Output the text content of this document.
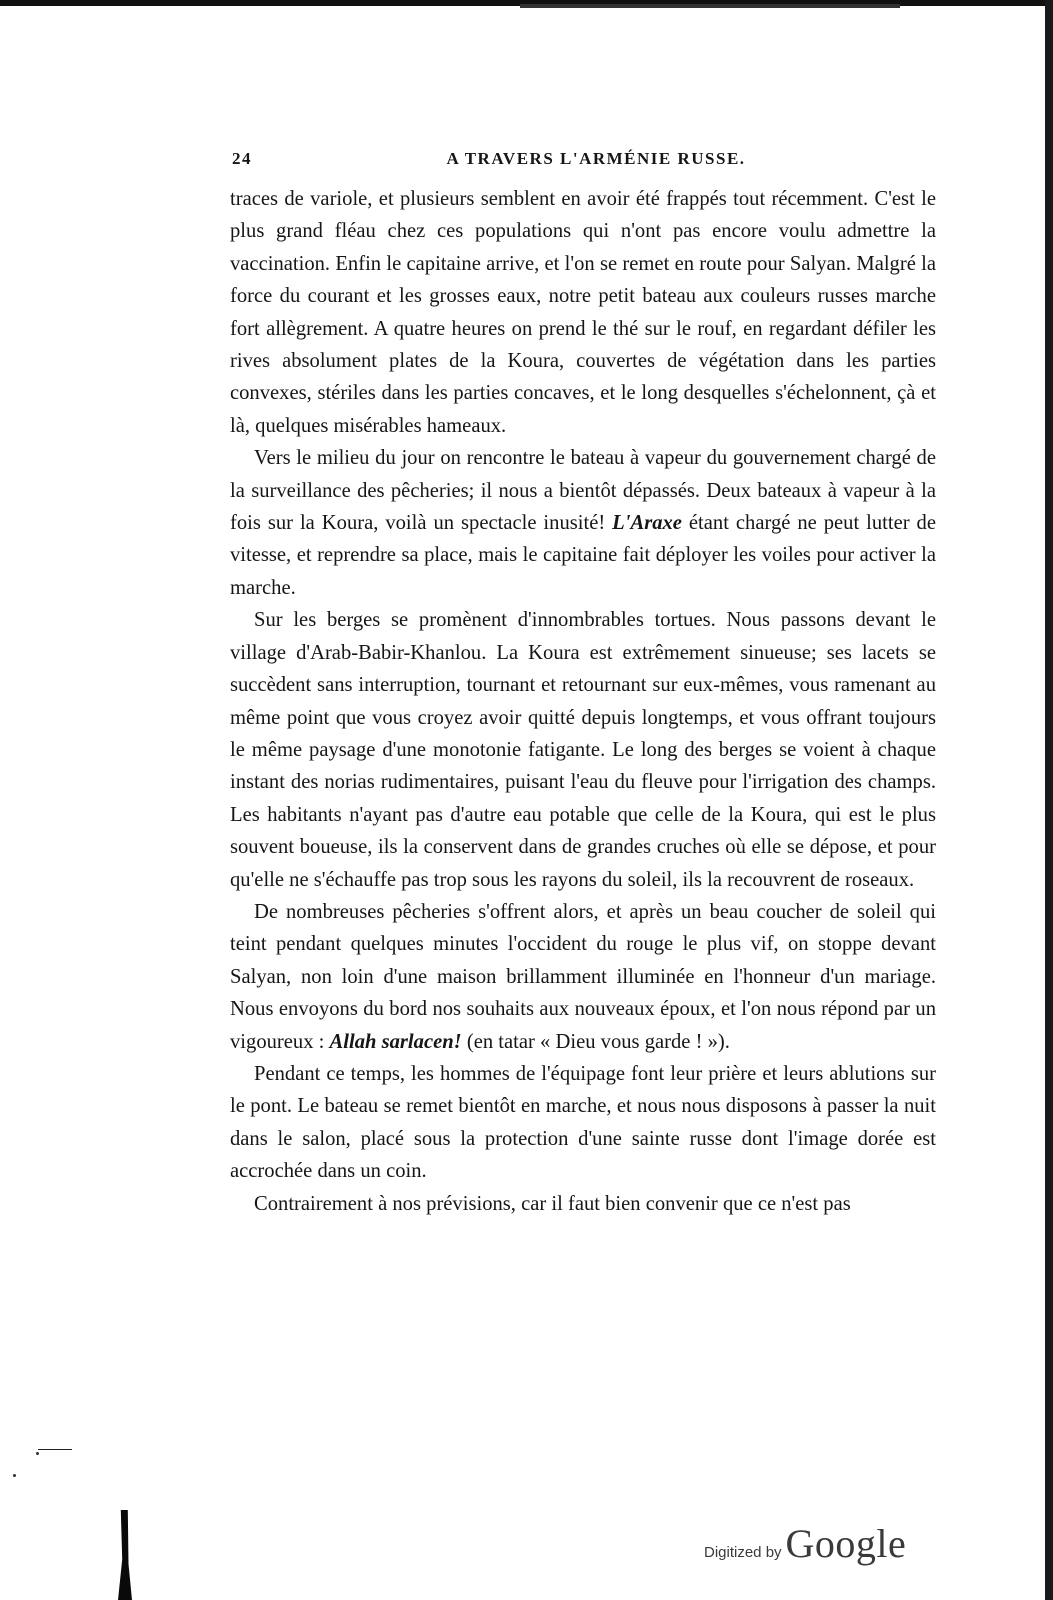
24	A TRAVERS L'ARMÉNIE RUSSE.

traces de variole, et plusieurs semblent en avoir été frappés tout récemment. C'est le plus grand fléau chez ces populations qui n'ont pas encore voulu admettre la vaccination. Enfin le capitaine arrive, et l'on se remet en route pour Salyan. Malgré la force du courant et les grosses eaux, notre petit bateau aux couleurs russes marche fort allègrement. A quatre heures on prend le thé sur le rouf, en regardant défiler les rives absolument plates de la Koura, couvertes de végétation dans les parties convexes, stériles dans les parties concaves, et le long desquelles s'échelonnent, çà et là, quelques misérables hameaux.

Vers le milieu du jour on rencontre le bateau à vapeur du gouvernement chargé de la surveillance des pêcheries; il nous a bientôt dépassés. Deux bateaux à vapeur à la fois sur la Koura, voilà un spectacle inusité! L'Araxe étant chargé ne peut lutter de vitesse, et reprendre sa place, mais le capitaine fait déployer les voiles pour activer la marche.

Sur les berges se promènent d'innombrables tortues. Nous passons devant le village d'Arab-Babir-Khanlou. La Koura est extrêmement sinueuse; ses lacets se succèdent sans interruption, tournant et retournant sur eux-mêmes, vous ramenant au même point que vous croyez avoir quitté depuis longtemps, et vous offrant toujours le même paysage d'une monotonie fatigante. Le long des berges se voient à chaque instant des norias rudimentaires, puisant l'eau du fleuve pour l'irrigation des champs. Les habitants n'ayant pas d'autre eau potable que celle de la Koura, qui est le plus souvent boueuse, ils la conservent dans de grandes cruches où elle se dépose, et pour qu'elle ne s'échauffe pas trop sous les rayons du soleil, ils la recouvrent de roseaux.

De nombreuses pêcheries s'offrent alors, et après un beau coucher de soleil qui teint pendant quelques minutes l'occident du rouge le plus vif, on stoppe devant Salyan, non loin d'une maison brillamment illuminée en l'honneur d'un mariage. Nous envoyons du bord nos souhaits aux nouveaux époux, et l'on nous répond par un vigoureux : Allah sarlacen! (en tatar « Dieu vous garde ! »).

Pendant ce temps, les hommes de l'équipage font leur prière et leurs ablutions sur le pont. Le bateau se remet bientôt en marche, et nous nous disposons à passer la nuit dans le salon, placé sous la protection d'une sainte russe dont l'image dorée est accrochée dans un coin.

Contrairement à nos prévisions, car il faut bien convenir que ce n'est pas

Digitized by Google
